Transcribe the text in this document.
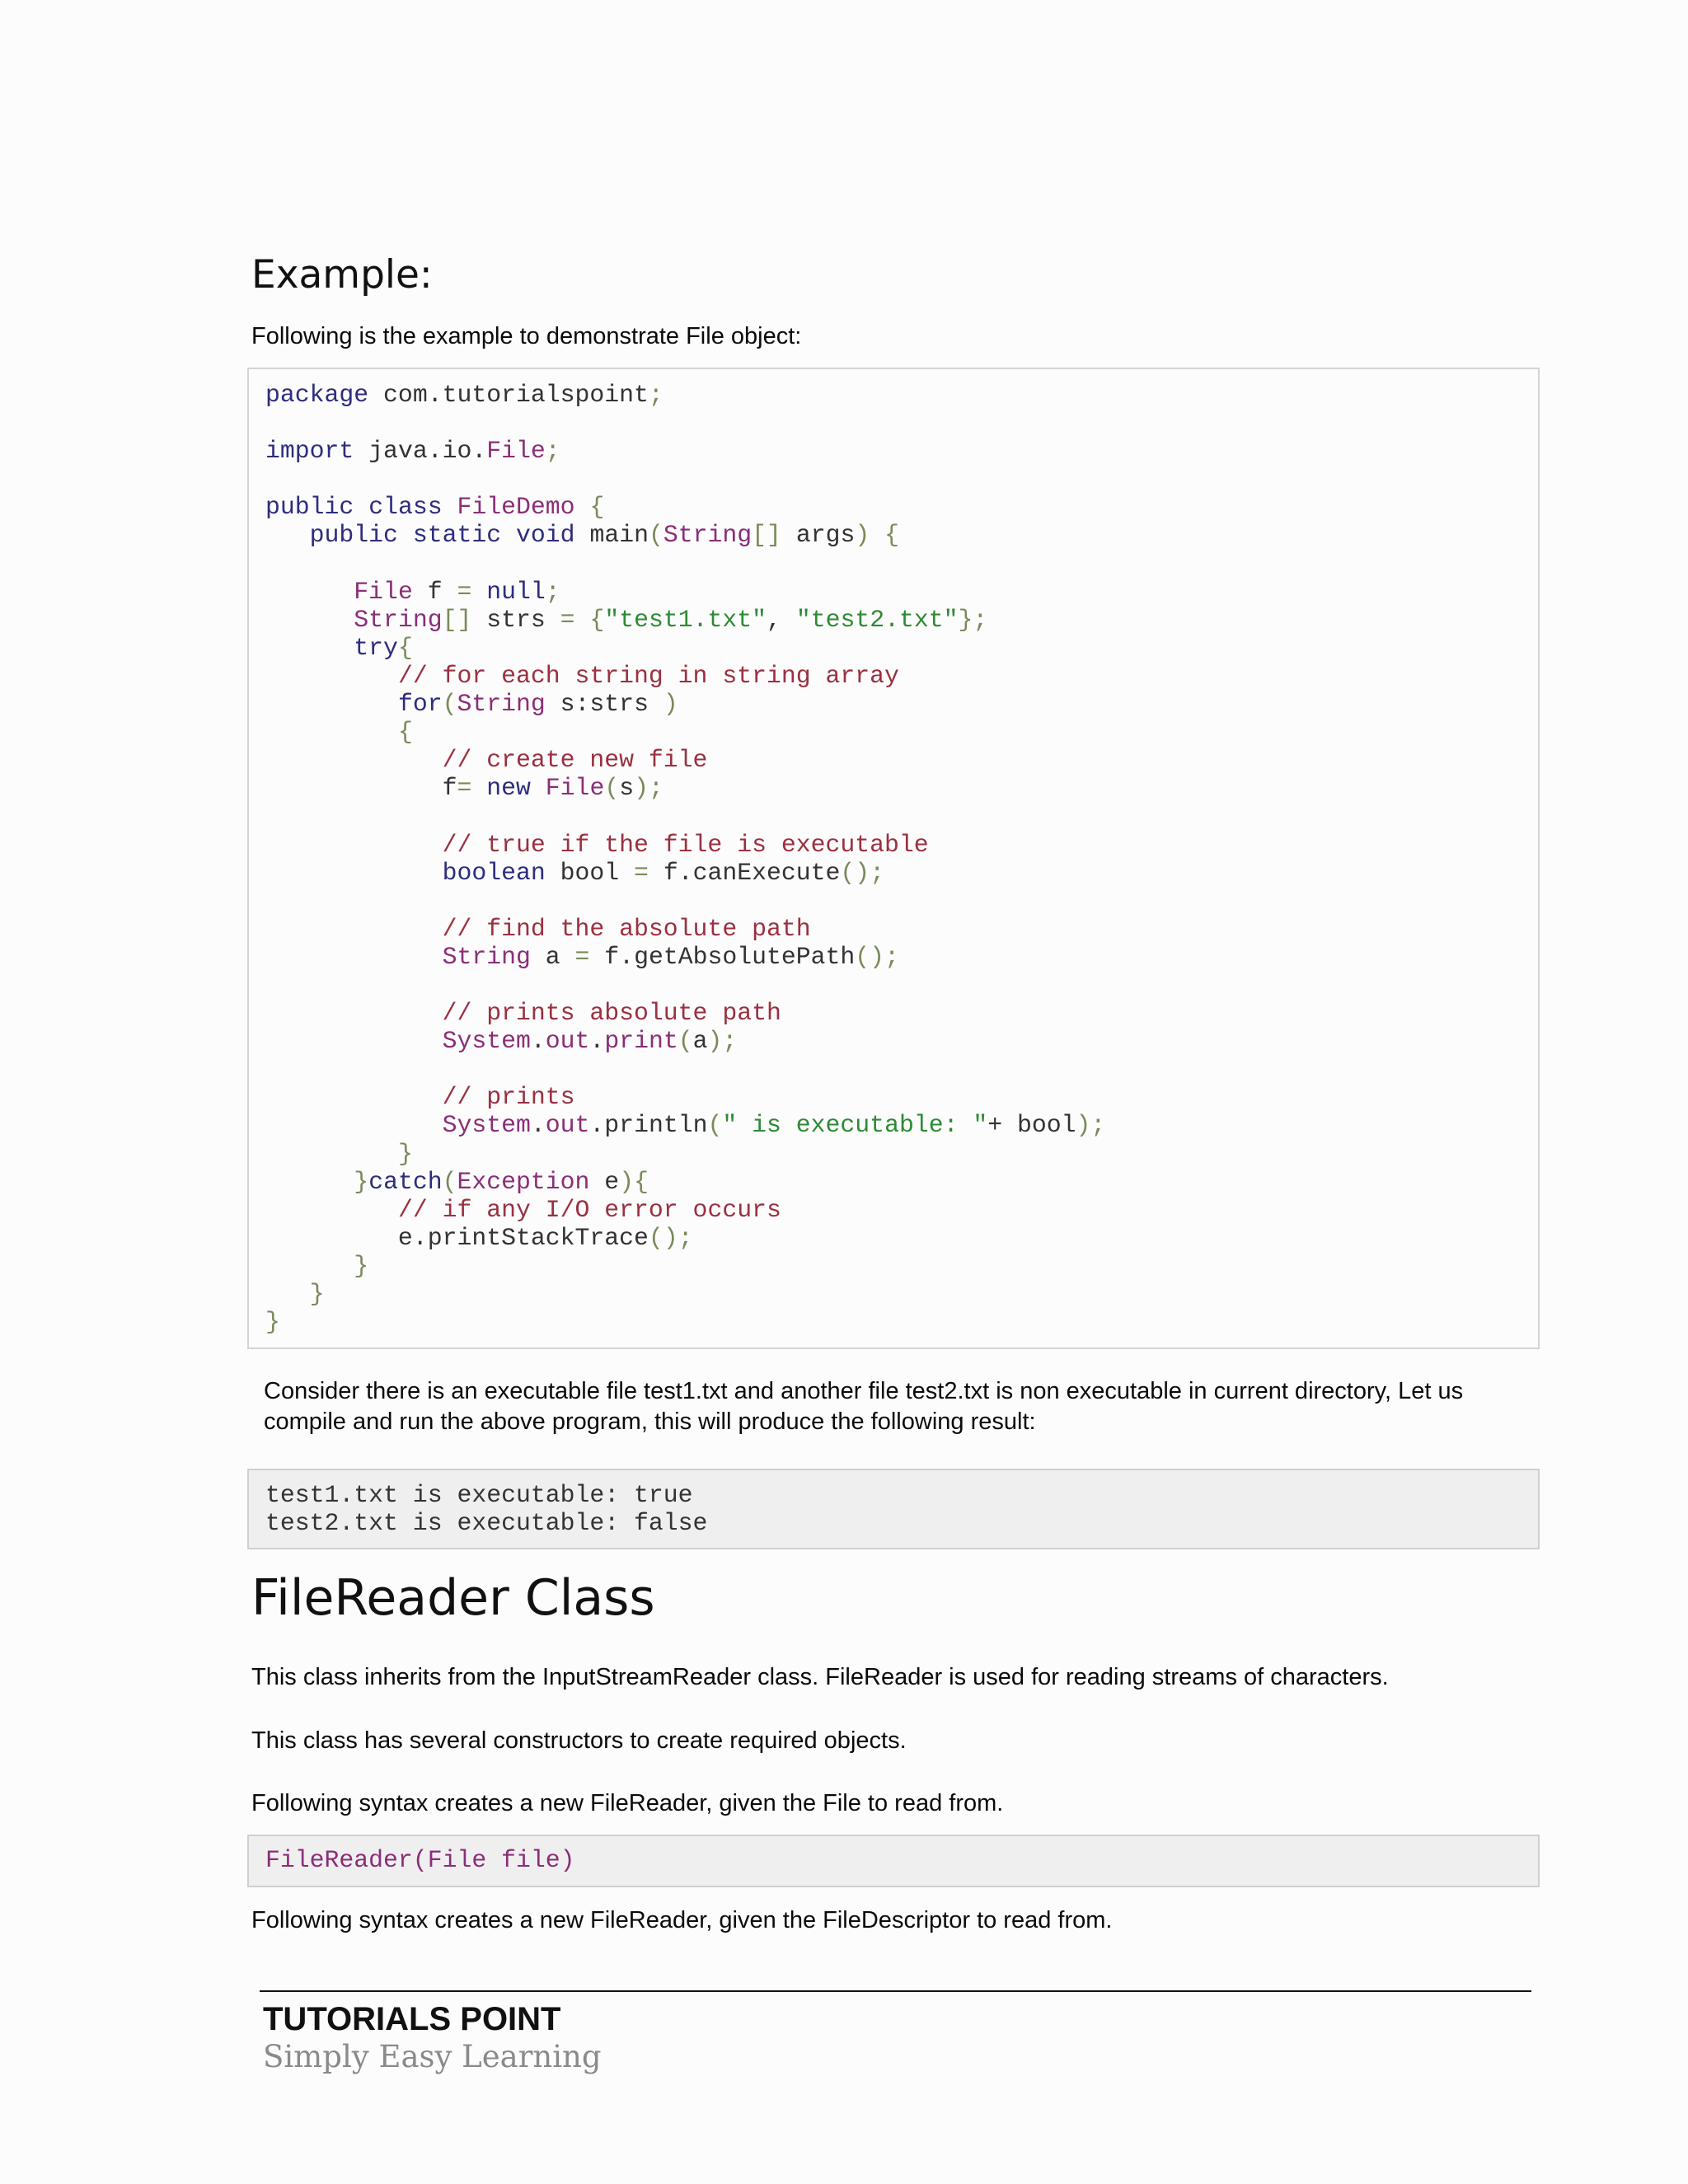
Example:
Following is the example to demonstrate File object:
package com.tutorialspoint;

import java.io.File;

public class FileDemo {
public static void main(String[] args) {

File f = null;
String[] strs = {"test1.txt", "test2.txt"};
try{
// for each string in string array
for(String s:strs )
{
// create new file
f= new File(s);

// true if the file is executable
boolean bool = f.canExecute();

// find the absolute path
String a = f.getAbsolutePath();

// prints absolute path
System.out.print(a);

// prints
System.out.println(" is executable: "+ bool);
}
}catch(Exception e){
// if any I/O error occurs
e.printStackTrace();
}
}
}
Consider there is an executable file test1.txt and another file test2.txt is non executable in current directory, Let us
compile and run the above program, this will produce the following result:
test1.txt is executable: true
test2.txt is executable: false
FileReader Class
This class inherits from the InputStreamReader class. FileReader is used for reading streams of characters.
This class has several constructors to create required objects.
Following syntax creates a new FileReader, given the File to read from.
FileReader(File file)
Following syntax creates a new FileReader, given the FileDescriptor to read from.
TUTORIALS POINT
Simply Easy Learning
